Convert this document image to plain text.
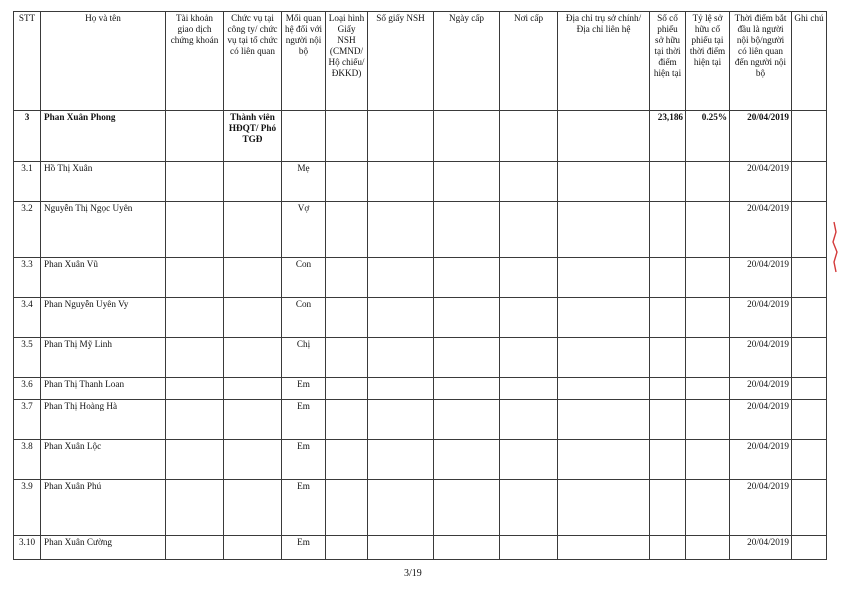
STT	Họ và tên	Tài khoản giao dịch chứng khoán	Chức vụ tại công ty/ chức vụ tại tổ chức có liên quan	Mối quan hệ đối với người nội bộ	Loại hình Giấy NSH (CMND/ Hộ chiếu/ ĐKKD)	Số giấy NSH	Ngày cấp	Nơi cấp	Địa chỉ trụ sở chính/Địa chỉ liên hệ	Số cổ phiếu sở hữu tại thời điểm hiện tại	Tỷ lệ sở hữu cổ phiếu tại thời điểm hiện tại	Thời điểm bắt đầu là người nội bộ/người có liên quan đến người nội bộ	Ghi chú
3	Phan Xuân Phong		Thành viên HĐQT/ Phó TGĐ							23,186	0.25%	20/04/2019	
3.1	Hồ Thị Xuân			Mẹ								20/04/2019	
3.2	Nguyễn Thị Ngọc Uyên			Vợ								20/04/2019	
3.3	Phan Xuân Vũ			Con								20/04/2019	
3.4	Phan Nguyễn Uyên Vy			Con								20/04/2019	
3.5	Phan Thị Mỹ Linh			Chị								20/04/2019	
3.6	Phan Thị Thanh Loan			Em								20/04/2019	
3.7	Phan Thị Hoàng Hà			Em								20/04/2019	
3.8	Phan Xuân Lộc			Em								20/04/2019	
3.9	Phan Xuân Phú			Em								20/04/2019	
3.10	Phan Xuân Cường			Em								20/04/2019	
3/19
